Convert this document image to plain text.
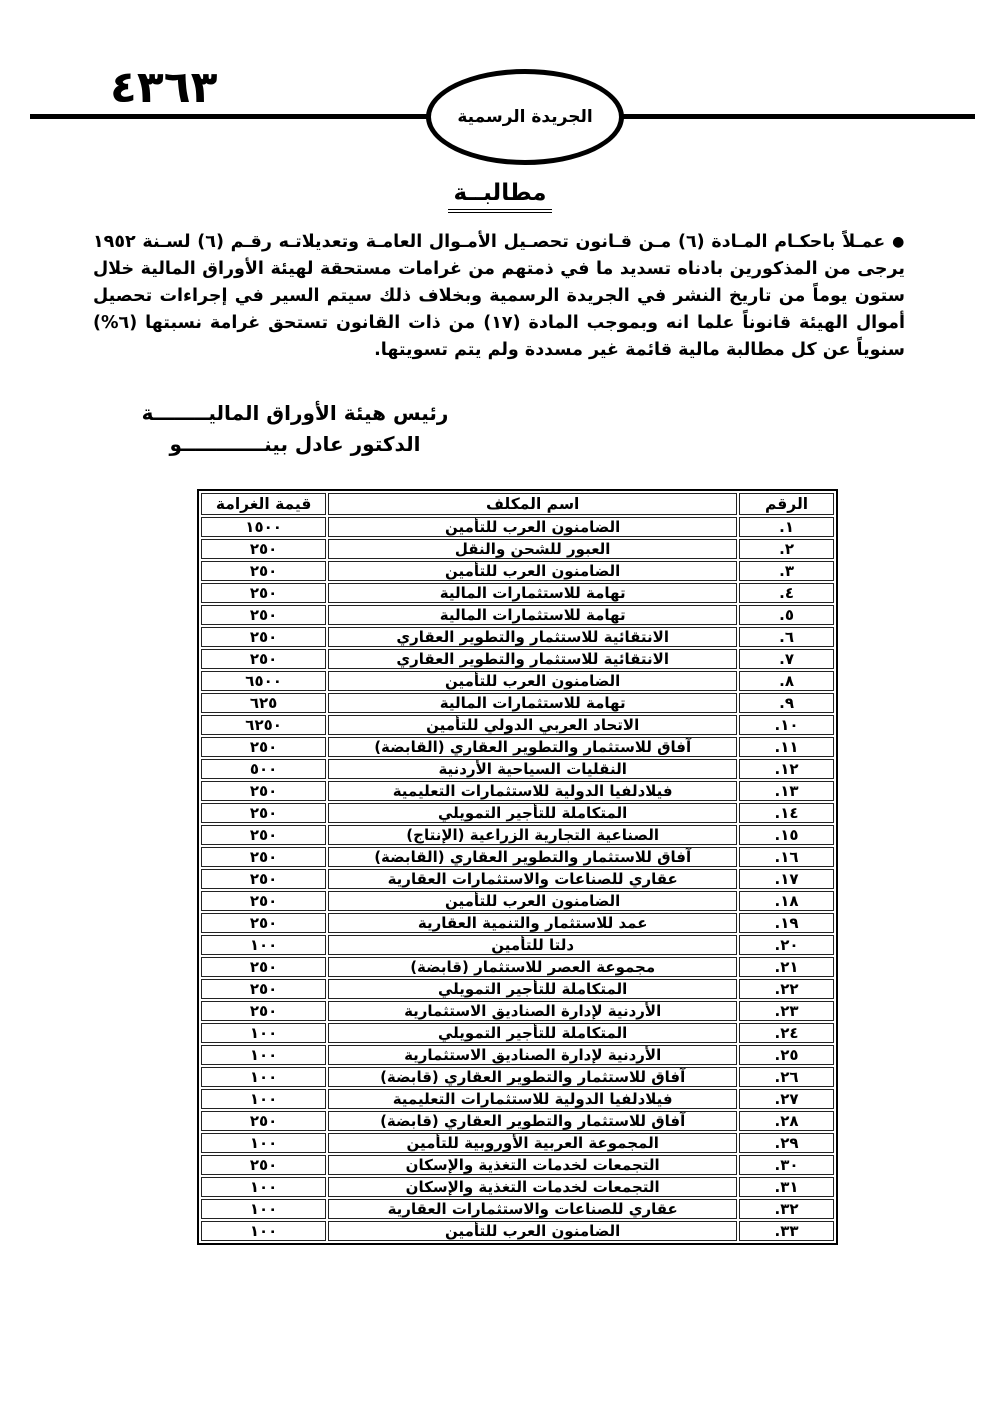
٤٣٦٣
الجريدة الرسمية
مطالبــة
●عمـلاً باحكـام المـادة (٦) مـن قـانون تحصـيل الأمـوال العامـة وتعديلاتـه رقـم (٦) لسـنة ١٩٥٢ يرجى من المذكورين بادناه تسديد ما في ذمتهم من غرامات مستحقة لهيئة الأوراق المالية خلال ستون يوماً من تاريخ النشر في الجريدة الرسمية وبخلاف ذلك سيتم السير في إجراءات تحصيل أموال الهيئة قانوناً علما انه وبموجب المادة (١٧) من ذات القانون تستحق غرامة نسبتها (٦%) سنوياً عن كل مطالبة مالية قائمة غير مسددة ولم يتم تسويتها.
رئيس هيئة الأوراق الماليــــــــة
الدكتور عادل بينــــــــــــو
الرقم	اسم المكلف	قيمة الغرامة
١.	الضامنون العرب للتأمين	١٥٠٠
٢.	العبور للشحن والنقل	٢٥٠
٣.	الضامنون العرب للتأمين	٢٥٠
٤.	تهامة للاستثمارات المالية	٢٥٠
٥.	تهامة للاستثمارات المالية	٢٥٠
٦.	الانتقائية للاستثمار والتطوير العقاري	٢٥٠
٧.	الانتقائية للاستثمار والتطوير العقاري	٢٥٠
٨.	الضامنون العرب للتأمين	٦٥٠٠
٩.	تهامة للاستثمارات المالية	٦٢٥
١٠.	الاتحاد العربي الدولي للتأمين	٦٢٥٠
١١.	آفاق للاستثمار والتطوير العقاري (القابضة)	٢٥٠
١٢.	النقليات السياحية الأردنية	٥٠٠
١٣.	فيلادلفيا الدولية للاستثمارات التعليمية	٢٥٠
١٤.	المتكاملة للتأجير التمويلي	٢٥٠
١٥.	الصناعية التجارية الزراعية (الإنتاج)	٢٥٠
١٦.	آفاق للاستثمار والتطوير العقاري (القابضة)	٢٥٠
١٧.	عقاري للصناعات والاستثمارات العقارية	٢٥٠
١٨.	الضامنون العرب للتأمين	٢٥٠
١٩.	عمد للاستثمار والتنمية العقارية	٢٥٠
٢٠.	دلتا للتأمين	١٠٠
٢١.	مجموعة العصر للاستثمار (قابضة)	٢٥٠
٢٢.	المتكاملة للتأجير التمويلي	٢٥٠
٢٣.	الأردنية لإدارة الصناديق الاستثمارية	٢٥٠
٢٤.	المتكاملة للتأجير التمويلي	١٠٠
٢٥.	الأردنية لإدارة الصناديق الاستثمارية	١٠٠
٢٦.	آفاق للاستثمار والتطوير العقاري (قابضة)	١٠٠
٢٧.	فيلادلفيا الدولية للاستثمارات التعليمية	١٠٠
٢٨.	آفاق للاستثمار والتطوير العقاري (قابضة)	٢٥٠
٢٩.	المجموعة العربية الأوروبية للتأمين	١٠٠
٣٠.	التجمعات لخدمات التغذية والإسكان	٢٥٠
٣١.	التجمعات لخدمات التغذية والإسكان	١٠٠
٣٢.	عقاري للصناعات والاستثمارات العقارية	١٠٠
٣٣.	الضامنون العرب للتأمين	١٠٠
